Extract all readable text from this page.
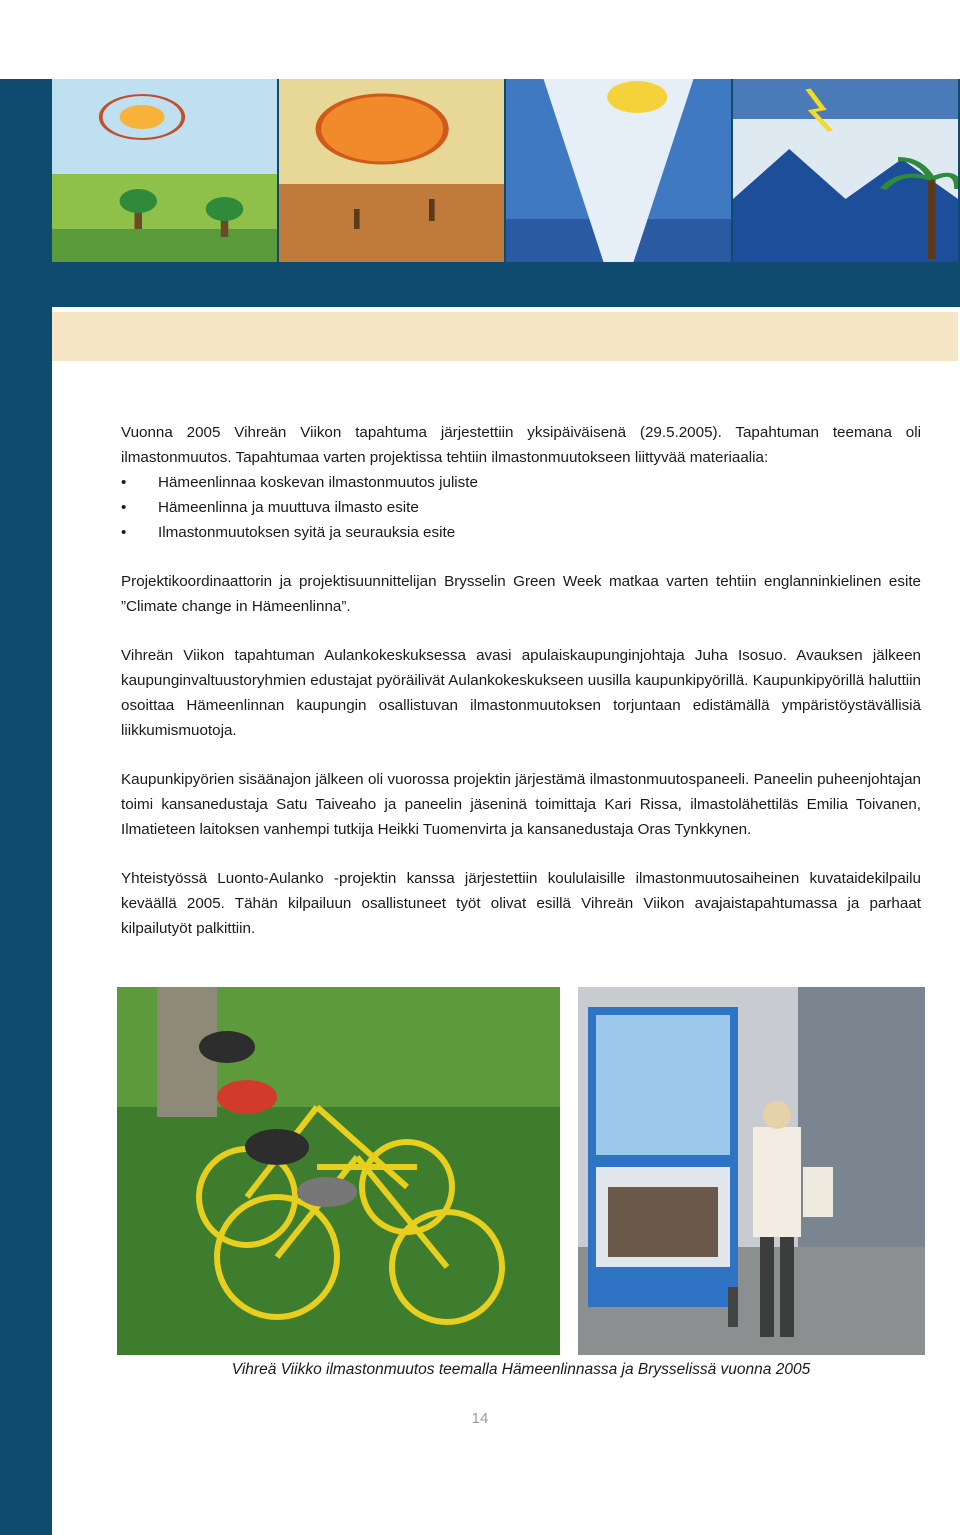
Vuonna 2005 Vihreän Viikon tapahtuma järjestettiin yksipäiväisenä (29.5.2005). Tapahtuman teemana oli ilmastonmuutos. Tapahtumaa varten projektissa tehtiin ilmastonmuutokseen liittyvää materiaalia:

• Hämeenlinnaa koskevan ilmastonmuutos juliste
• Hämeenlinna ja muuttuva ilmasto esite
• Ilmastonmuutoksen syitä ja seurauksia esite

Projektikoordinaattorin ja projektisuunnittelijan Brysselin Green Week matkaa varten tehtiin englanninkielinen esite ”Climate change in Hämeenlinna”.

Vihreän Viikon tapahtuman Aulankokeskuksessa avasi apulaiskaupunginjohtaja Juha Isosuo. Avauksen jälkeen kaupunginvaltuustoryhmien edustajat pyöräilivät Aulankokeskukseen uusilla kaupunkipyörillä. Kaupunkipyörillä haluttiin osoittaa Hämeenlinnan kaupungin osallistuvan ilmastonmuutoksen torjuntaan edistämällä ympäristöystävällisiä liikkumismuotoja.

Kaupunkipyörien sisäänajon jälkeen oli vuorossa projektin järjestämä ilmastonmuutospaneeli. Paneelin puheenjohtajan toimi kansanedustaja Satu Taiveaho ja paneelin jäseninä toimittaja Kari Rissa, ilmastolähettiläs Emilia Toivanen, Ilmatieteen laitoksen vanhempi tutkija Heikki Tuomenvirta ja kansanedustaja Oras Tynkkynen.

Yhteistyössä Luonto-Aulanko -projektin kanssa järjestettiin koululaisille ilmastonmuutosaiheinen kuvataidekilpailu keväällä 2005. Tähän kilpailuun osallistuneet työt olivat esillä Vihreän Viikon avajaistapahtumassa ja parhaat kilpailutyöt palkittiin.

Vihreä Viikko ilmastonmuutos teemalla Hämeenlinnassa ja Brysselissä vuonna 2005
14
